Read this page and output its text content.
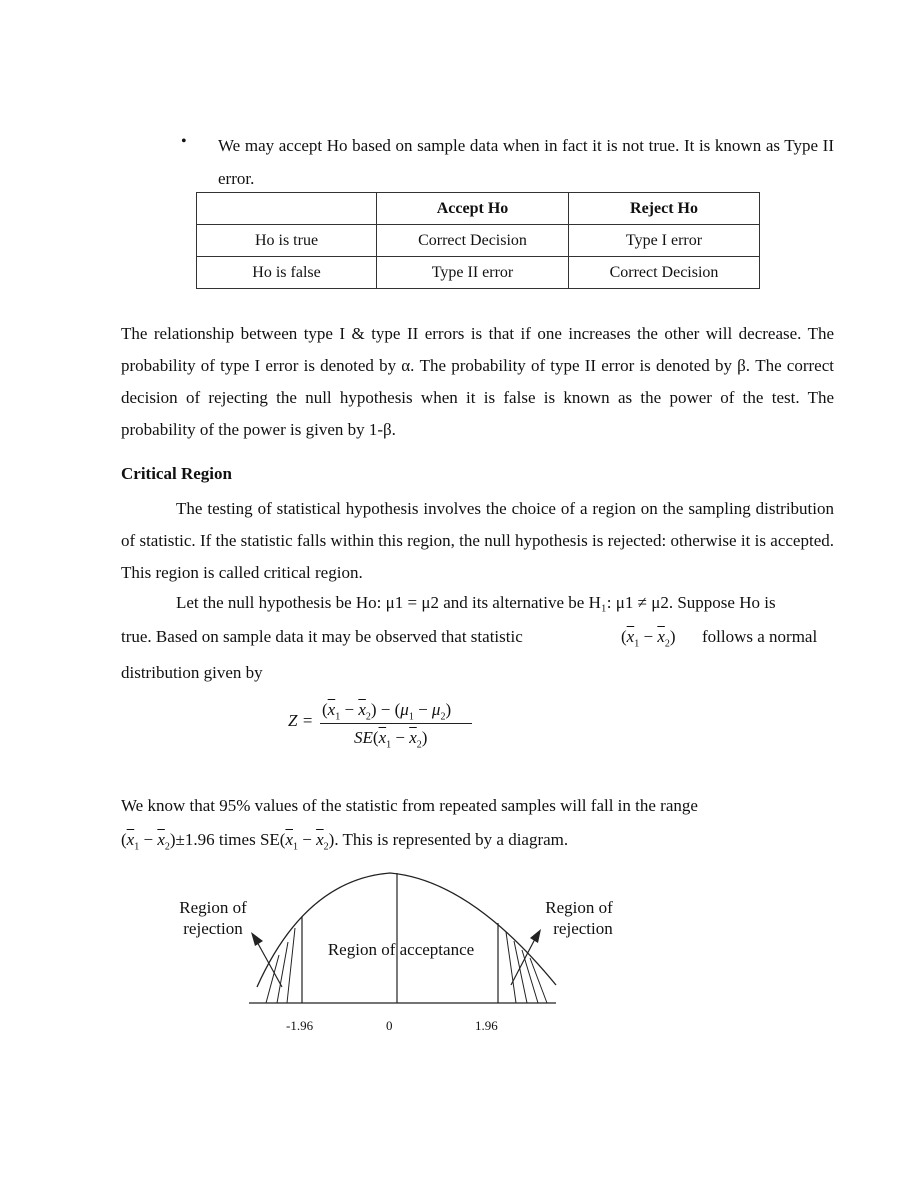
• We may accept Ho based on sample data when in fact it is not true. It is known as Type II error.
	Accept Ho	Reject Ho
Ho is true	Correct Decision	Type I error
Ho is false	Type II error	Correct Decision
The relationship between type I & type II errors is that if one increases the other will decrease. The probability of type I error is denoted by α. The probability of type II error is denoted by β. The correct decision of rejecting the null hypothesis when it is false is known as the power of the test. The probability of the power is given by 1-β.
Critical Region
The testing of statistical hypothesis involves the choice of a region on the sampling distribution of statistic. If the statistic falls within this region, the null hypothesis is rejected: otherwise it is accepted. This region is called critical region.
Let the null hypothesis be Ho: μ1 = μ2 and its alternative be H₁: μ1 ≠ μ2. Suppose Ho is
true. Based on sample data it may be observed that statistic	$(\overline{x}_1 - \overline{x}_2)$ follows a normal
distribution given by
Z =
$(\overline{x}_1 - \overline{x}_2) - (\mu_1 - \mu_2)$
$SE(\overline{x}_1 - \overline{x}_2)$
We know that 95% values of the statistic from repeated samples will fall in the range
$(\overline{x}_1 - \overline{x}_2)\pm 1.96$ times $SE(\overline{x}_1 - \overline{x}_2)$. This is represented by a diagram.
Region of
rejection
Region of
rejection
Region of acceptance
-1.96	0	1.96
